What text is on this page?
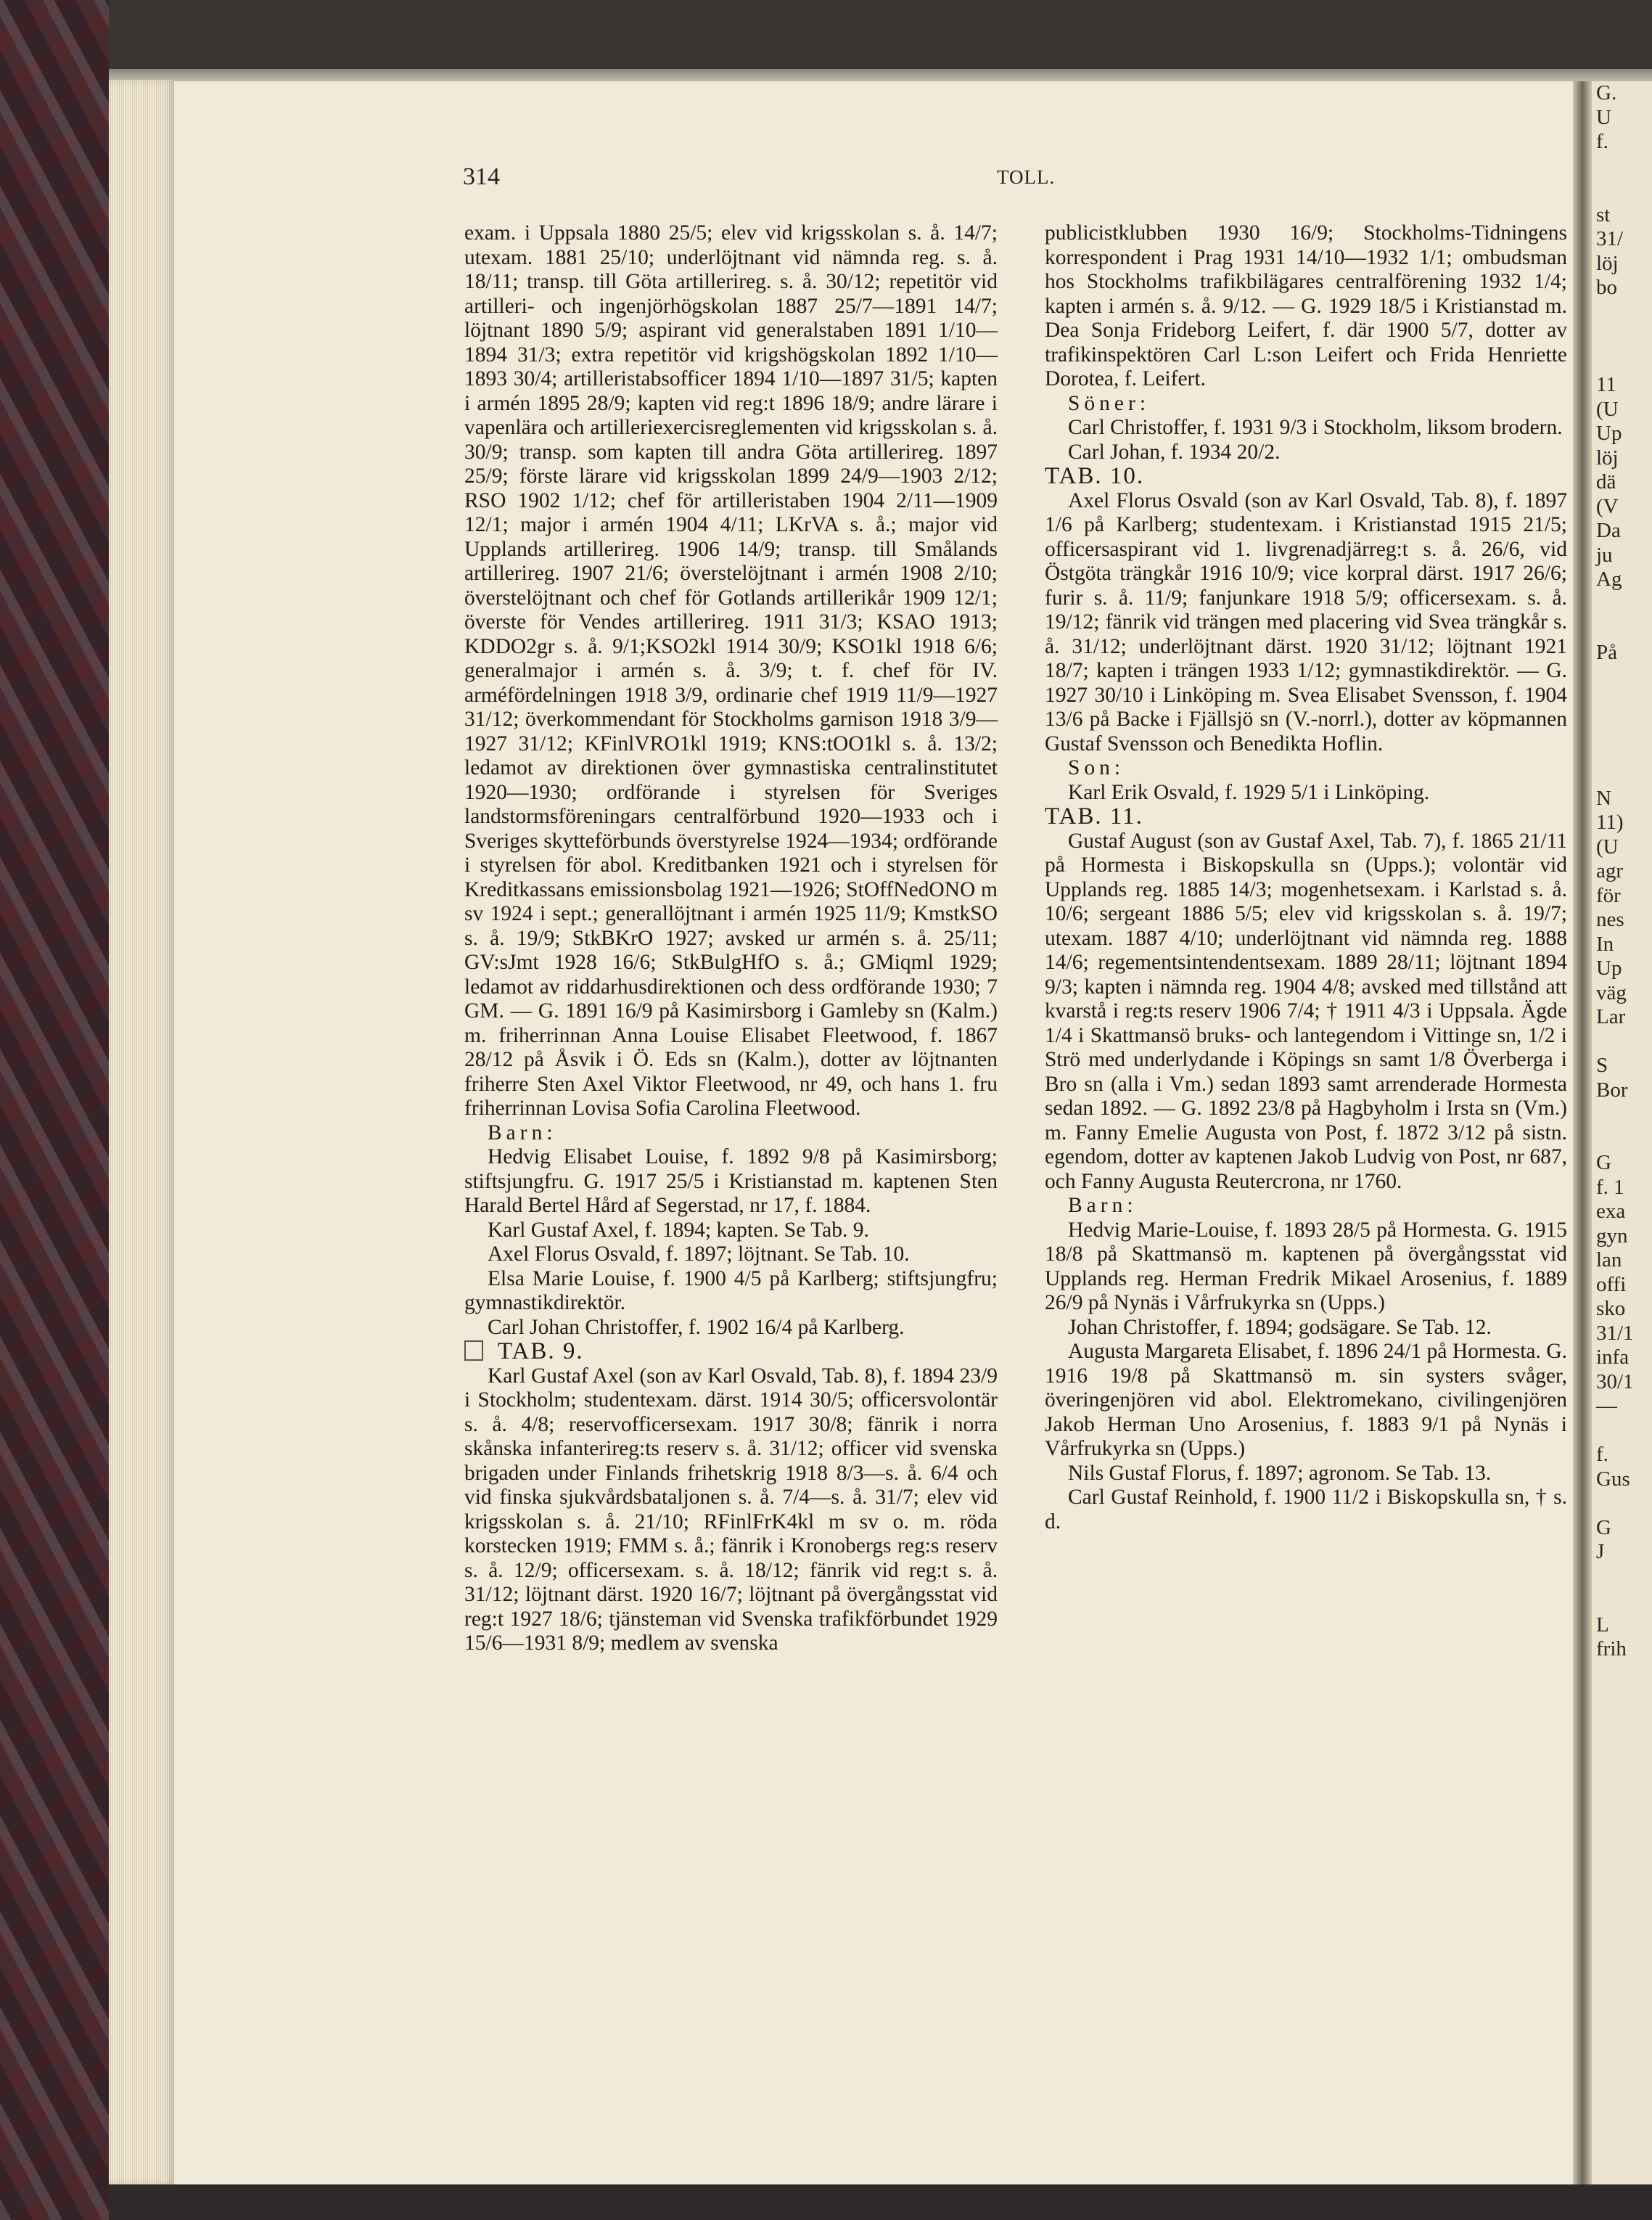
G.
U
f.
st
31/
löj
bo
11
(U
Up
löj
dä
(V
Da
ju
Ag
På
N
11)
(U
agr
för
nes
In
Up
väg
Lar
S
Bor
G
f. 1
exa
gyn
lan
offi
sko
31/1
infa
30/1
—
f.
Gus
G
J
L
frih
314	TOLL.

exam. i Uppsala 1880 25/5; elev vid krigsskolan s. å. 14/7; utexam. 1881 25/10; underlöjtnant vid nämnda reg. s. å. 18/11; transp. till Göta artillerireg. s. å. 30/12; repetitör vid artilleri- och ingenjörhögskolan 1887 25/7—1891 14/7; löjtnant 1890 5/9; aspirant vid generalstaben 1891 1/10—1894 31/3; extra repetitör vid krigshögskolan 1892 1/10—1893 30/4; artilleristabsofficer 1894 1/10—1897 31/5; kapten i armén 1895 28/9; kapten vid reg:t 1896 18/9; andre lärare i vapenlära och artilleriexercisreglementen vid krigsskolan s. å. 30/9; transp. som kapten till andra Göta artillerireg. 1897 25/9; förste lärare vid krigsskolan 1899 24/9—1903 2/12; RSO 1902 1/12; chef för artilleristaben 1904 2/11—1909 12/1; major i armén 1904 4/11; LKrVA s. å.; major vid Upplands artillerireg. 1906 14/9; transp. till Smålands artillerireg. 1907 21/6; överstelöjtnant i armén 1908 2/10; överstelöjtnant och chef för Gotlands artillerikår 1909 12/1; överste för Vendes artillerireg. 1911 31/3; KSAO 1913; KDDO2gr s. å. 9/1;KSO2kl 1914 30/9; KSO1kl 1918 6/6; generalmajor i armén s. å. 3/9; t. f. chef för IV. arméfördelningen 1918 3/9, ordinarie chef 1919 11/9—1927 31/12; överkommendant för Stockholms garnison 1918 3/9—1927 31/12; KFinlVRO1kl 1919; KNS:tOO1kl s. å. 13/2; ledamot av direktionen över gymnastiska centralinstitutet 1920—1930; ordförande i styrelsen för Sveriges landstormsföreningars centralförbund 1920—1933 och i Sveriges skytteförbunds överstyrelse 1924—1934; ordförande i styrelsen för abol. Kreditbanken 1921 och i styrelsen för Kreditkassans emissionsbolag 1921—1926; StOffNedONO m sv 1924 i sept.; generallöjtnant i armén 1925 11/9; KmstkSO s. å. 19/9; StkBKrO 1927; avsked ur armén s. å. 25/11; GV:sJmt 1928 16/6; StkBulgHfO s. å.; GMiqml 1929; ledamot av riddarhusdirektionen och dess ordförande 1930; 7 GM. — G. 1891 16/9 på Kasimirsborg i Gamleby sn (Kalm.) m. friherrinnan Anna Louise Elisabet Fleetwood, f. 1867 28/12 på Åsvik i Ö. Eds sn (Kalm.), dotter av löjtnanten friherre Sten Axel Viktor Fleetwood, nr 49, och hans 1. fru friherrinnan Lovisa Sofia Carolina Fleetwood.

Barn:

Hedvig Elisabet Louise, f. 1892 9/8 på Kasimirsborg; stiftsjungfru. G. 1917 25/5 i Kristianstad m. kaptenen Sten Harald Bertel Hård af Segerstad, nr 17, f. 1884.

Karl Gustaf Axel, f. 1894; kapten. Se Tab. 9.

Axel Florus Osvald, f. 1897; löjtnant. Se Tab. 10.

Elsa Marie Louise, f. 1900 4/5 på Karlberg; stiftsjungfru; gymnastikdirektör.

Carl Johan Christoffer, f. 1902 16/4 på Karlberg.

TAB. 9.

Karl Gustaf Axel (son av Karl Osvald, Tab. 8), f. 1894 23/9 i Stockholm; studentexam. därst. 1914 30/5; officersvolontär s. å. 4/8; reservofficersexam. 1917 30/8; fänrik i norra skånska infanterireg:ts reserv s. å. 31/12; officer vid svenska brigaden under Finlands frihetskrig 1918 8/3—s. å. 6/4 och vid finska sjukvårdsbataljonen s. å. 7/4—s. å. 31/7; elev vid krigsskolan s. å. 21/10; RFinlFrK4kl m sv o. m. röda korstecken 1919; FMM s. å.; fänrik i Kronobergs reg:s reserv s. å. 12/9; officersexam. s. å. 18/12; fänrik vid reg:t s. å. 31/12; löjtnant därst. 1920 16/7; löjtnant på övergångsstat vid reg:t 1927 18/6; tjänsteman vid Svenska trafikförbundet 1929 15/6—1931 8/9; medlem av svenska

publicistklubben 1930 16/9; Stockholms-Tidningens korrespondent i Prag 1931 14/10—1932 1/1; ombudsman hos Stockholms trafikbilägares centralförening 1932 1/4; kapten i armén s. å. 9/12. — G. 1929 18/5 i Kristianstad m. Dea Sonja Frideborg Leifert, f. där 1900 5/7, dotter av trafikinspektören Carl L:son Leifert och Frida Henriette Dorotea, f. Leifert.

Söner:

Carl Christoffer, f. 1931 9/3 i Stockholm, liksom brodern.

Carl Johan, f. 1934 20/2.

TAB. 10.

Axel Florus Osvald (son av Karl Osvald, Tab. 8), f. 1897 1/6 på Karlberg; studentexam. i Kristianstad 1915 21/5; officersaspirant vid 1. livgrenadjärreg:t s. å. 26/6, vid Östgöta trängkår 1916 10/9; vice korpral därst. 1917 26/6; furir s. å. 11/9; fanjunkare 1918 5/9; officersexam. s. å. 19/12; fänrik vid trängen med placering vid Svea trängkår s. å. 31/12; underlöjtnant därst. 1920 31/12; löjtnant 1921 18/7; kapten i trängen 1933 1/12; gymnastikdirektör. — G. 1927 30/10 i Linköping m. Svea Elisabet Svensson, f. 1904 13/6 på Backe i Fjällsjö sn (V.-norrl.), dotter av köpmannen Gustaf Svensson och Benedikta Hoflin.

Son:

Karl Erik Osvald, f. 1929 5/1 i Linköping.

TAB. 11.

Gustaf August (son av Gustaf Axel, Tab. 7), f. 1865 21/11 på Hormesta i Biskopskulla sn (Upps.); volontär vid Upplands reg. 1885 14/3; mogenhetsexam. i Karlstad s. å. 10/6; sergeant 1886 5/5; elev vid krigsskolan s. å. 19/7; utexam. 1887 4/10; underlöjtnant vid nämnda reg. 1888 14/6; regementsintendentsexam. 1889 28/11; löjtnant 1894 9/3; kapten i nämnda reg. 1904 4/8; avsked med tillstånd att kvarstå i reg:ts reserv 1906 7/4; † 1911 4/3 i Uppsala. Ägde 1/4 i Skattmansö bruks- och lantegendom i Vittinge sn, 1/2 i Strö med underlydande i Köpings sn samt 1/8 Överberga i Bro sn (alla i Vm.) sedan 1893 samt arrenderade Hormesta sedan 1892. — G. 1892 23/8 på Hagbyholm i Irsta sn (Vm.) m. Fanny Emelie Augusta von Post, f. 1872 3/12 på sistn. egendom, dotter av kaptenen Jakob Ludvig von Post, nr 687, och Fanny Augusta Reutercrona, nr 1760.

Barn:

Hedvig Marie-Louise, f. 1893 28/5 på Hormesta. G. 1915 18/8 på Skattmansö m. kaptenen på övergångsstat vid Upplands reg. Herman Fredrik Mikael Arosenius, f. 1889 26/9 på Nynäs i Vårfrukyrka sn (Upps.)

Johan Christoffer, f. 1894; godsägare. Se Tab. 12.

Augusta Margareta Elisabet, f. 1896 24/1 på Hormesta. G. 1916 19/8 på Skattmansö m. sin systers svåger, överingenjören vid abol. Elektromekano, civilingenjören Jakob Herman Uno Arosenius, f. 1883 9/1 på Nynäs i Vårfrukyrka sn (Upps.)

Nils Gustaf Florus, f. 1897; agronom. Se Tab. 13.

Carl Gustaf Reinhold, f. 1900 11/2 i Biskopskulla sn, † s. d.
